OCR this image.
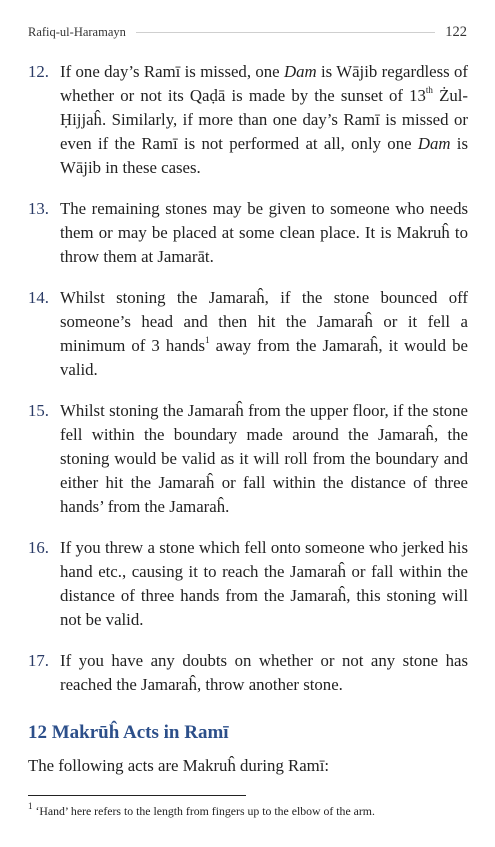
Rafiq-ul-Haramayn	122
12. If one day’s Ramī is missed, one Dam is Wājib regardless of whether or not its Qaḍā is made by the sunset of 13th Żul-Ḥijjaĥ. Similarly, if more than one day’s Ramī is missed or even if the Ramī is not performed at all, only one Dam is Wājib in these cases.
13. The remaining stones may be given to someone who needs them or may be placed at some clean place. It is Makruĥ to throw them at Jamarāt.
14. Whilst stoning the Jamaraĥ, if the stone bounced off someone’s head and then hit the Jamaraĥ or it fell a minimum of 3 hands$^1$ away from the Jamaraĥ, it would be valid.
15. Whilst stoning the Jamaraĥ from the upper floor, if the stone fell within the boundary made around the Jamaraĥ, the stoning would be valid as it will roll from the boundary and either hit the Jamaraĥ or fall within the distance of three hands’ from the Jamaraĥ.
16. If you threw a stone which fell onto someone who jerked his hand etc., causing it to reach the Jamaraĥ or fall within the distance of three hands from the Jamaraĥ, this stoning will not be valid.
17. If you have any doubts on whether or not any stone has reached the Jamaraĥ, throw another stone.
12 Makrūĥ Acts in Ramī

The following acts are Makruĥ during Ramī:

$^1$ ‘Hand’ here refers to the length from fingers up to the elbow of the arm.
